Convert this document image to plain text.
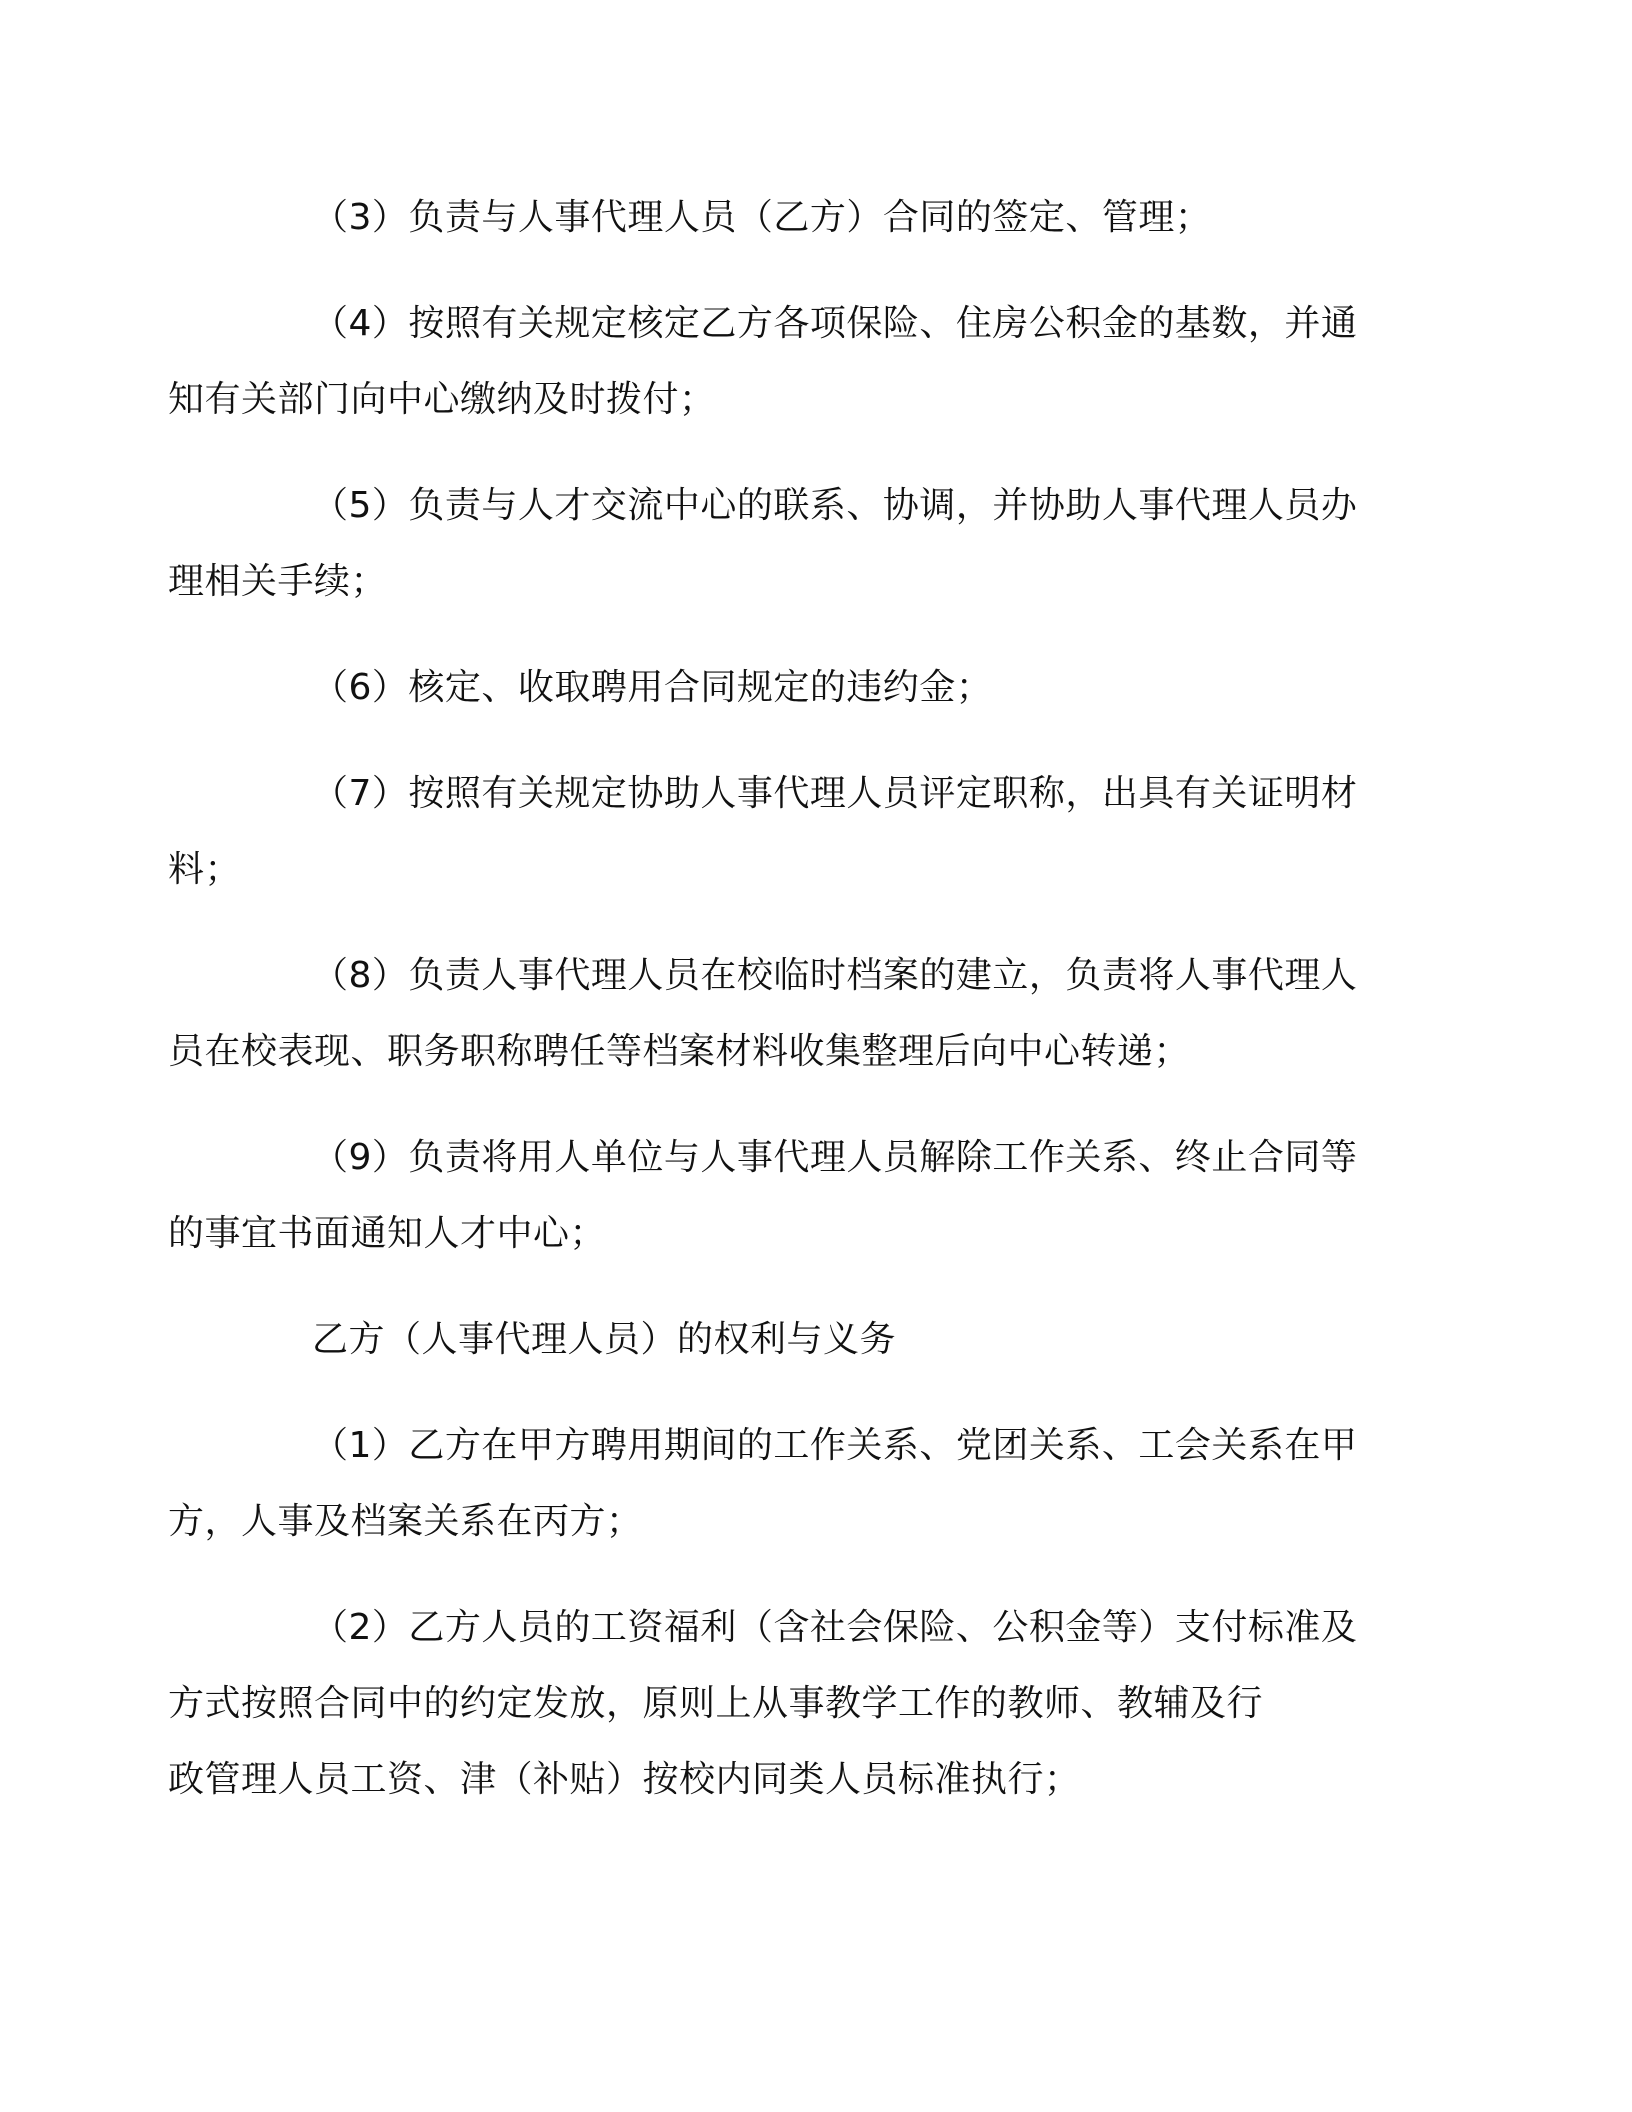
（3）负责与人事代理人员（乙方）合同的签定、管理；

（4）按照有关规定核定乙方各项保险、住房公积金的基数，并通
知有关部门向中心缴纳及时拨付；

（5）负责与人才交流中心的联系、协调，并协助人事代理人员办
理相关手续；

（6）核定、收取聘用合同规定的违约金；

（7）按照有关规定协助人事代理人员评定职称，出具有关证明材
料；

（8）负责人事代理人员在校临时档案的建立，负责将人事代理人
员在校表现、职务职称聘任等档案材料收集整理后向中心转递；

（9）负责将用人单位与人事代理人员解除工作关系、终止合同等
的事宜书面通知人才中心；

乙方（人事代理人员）的权利与义务

（1）乙方在甲方聘用期间的工作关系、党团关系、工会关系在甲
方，人事及档案关系在丙方；

（2）乙方人员的工资福利（含社会保险、公积金等）支付标准及
方式按照合同中的约定发放，原则上从事教学工作的教师、教辅及行
政管理人员工资、津（补贴）按校内同类人员标准执行；
